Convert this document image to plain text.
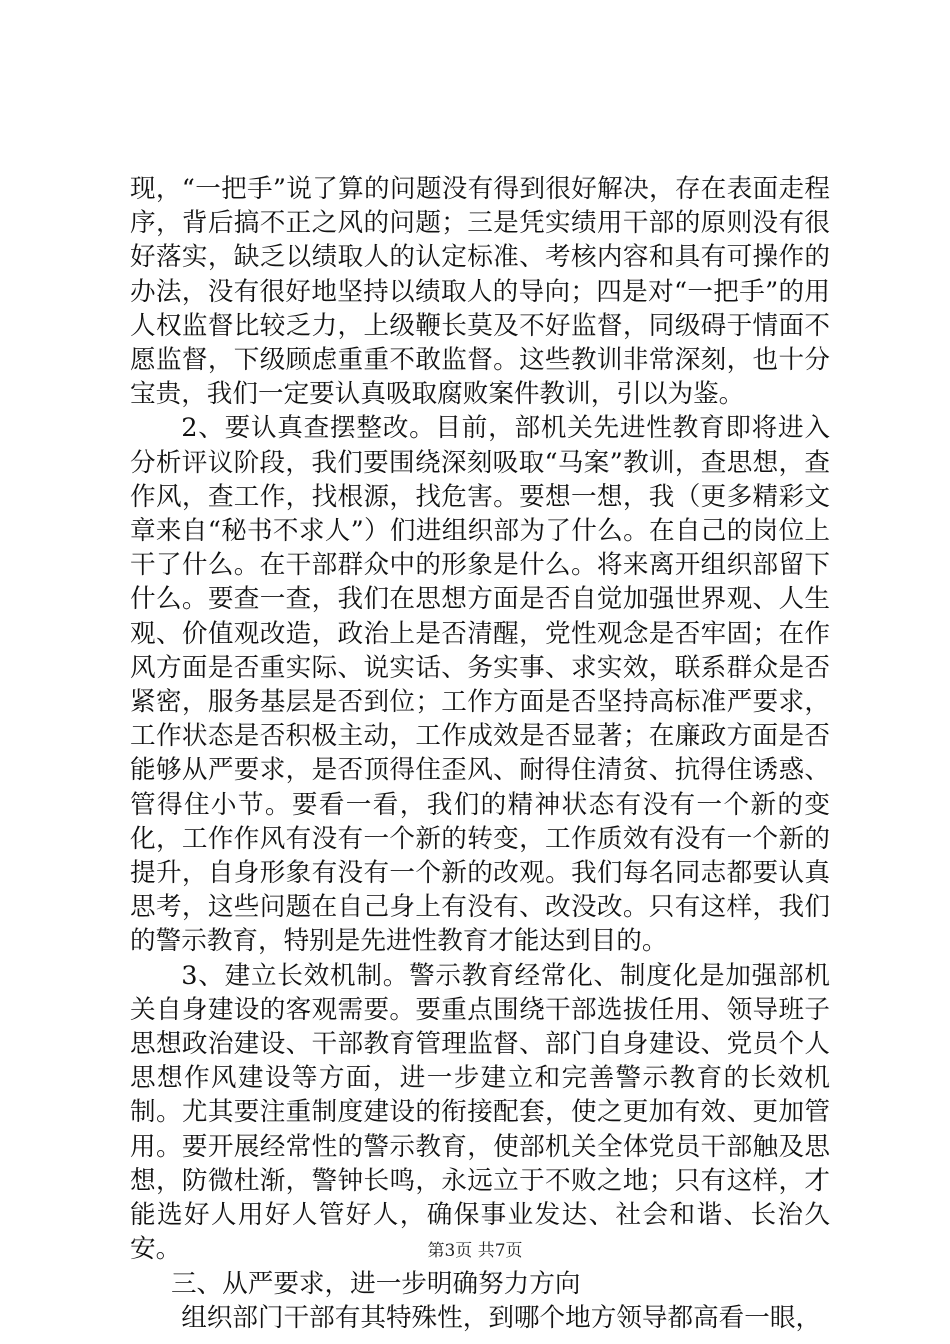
现，“一把手”说了算的问题没有得到很好解决，存在表面走程序，背后搞不正之风的问题；三是凭实绩用干部的原则没有很好落实，缺乏以绩取人的认定标准、考核内容和具有可操作的办法，没有很好地坚持以绩取人的导向；四是对“一把手”的用人权监督比较乏力，上级鞭长莫及不好监督，同级碍于情面不愿监督，下级顾虑重重不敢监督。这些教训非常深刻，也十分宝贵，我们一定要认真吸取腐败案件教训，引以为鉴。

2、要认真查摆整改。目前，部机关先进性教育即将进入分析评议阶段，我们要围绕深刻吸取“马案”教训，查思想，查作风，查工作，找根源，找危害。要想一想，我（更多精彩文章来自“秘书不求人”）们进组织部为了什么。在自己的岗位上干了什么。在干部群众中的形象是什么。将来离开组织部留下什么。要查一查，我们在思想方面是否自觉加强世界观、人生观、价值观改造，政治上是否清醒，党性观念是否牢固；在作风方面是否重实际、说实话、务实事、求实效，联系群众是否紧密，服务基层是否到位；工作方面是否坚持高标准严要求，工作状态是否积极主动，工作成效是否显著；在廉政方面是否能够从严要求，是否顶得住歪风、耐得住清贫、抗得住诱惑、管得住小节。要看一看，我们的精神状态有没有一个新的变化，工作作风有没有一个新的转变，工作质效有没有一个新的提升，自身形象有没有一个新的改观。我们每名同志都要认真思考，这些问题在自己身上有没有、改没改。只有这样，我们的警示教育，特别是先进性教育才能达到目的。

3、建立长效机制。警示教育经常化、制度化是加强部机关自身建设的客观需要。要重点围绕干部选拔任用、领导班子思想政治建设、干部教育管理监督、部门自身建设、党员个人思想作风建设等方面，进一步建立和完善警示教育的长效机制。尤其要注重制度建设的衔接配套，使之更加有效、更加管用。要开展经常性的警示教育，使部机关全体党员干部触及思想，防微杜渐，警钟长鸣，永远立于不败之地；只有这样，才能选好人用好人管好人，确保事业发达、社会和谐、长治久安。

三、从严要求，进一步明确努力方向

组织部门干部有其特殊性，到哪个地方领导都高看一眼，

第3页 共7页
